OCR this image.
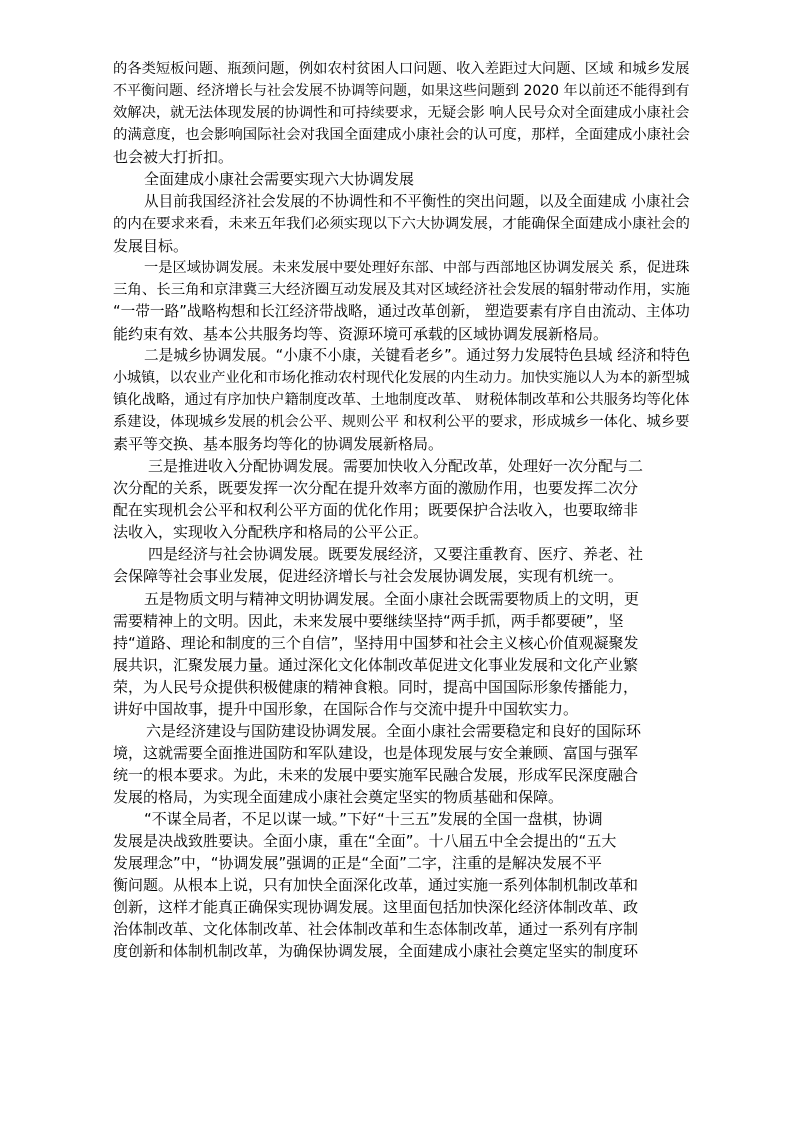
的各类短板问题、瓶颈问题，例如农村贫困人口问题、收入差距过大问题、区域 和城乡发展
不平衡问题、经济增长与社会发展不协调等问题，如果这些问题到 2020 年以前还不能得到有
效解决，就无法体现发展的协调性和可持续要求，无疑会影 响人民号众对全面建成小康社会
的满意度，也会影响国际社会对我国全面建成小康社会的认可度，那样，全面建成小康社会
也会被大打折扣。
全面建成小康社会需要实现六大协调发展
从目前我国经济社会发展的不协调性和不平衡性的突出问题，以及全面建成 小康社会
的内在要求来看，未来五年我们必须实现以下六大协调发展，才能确保全面建成小康社会的
发展目标。
一是区域协调发展。未来发展中要处理好东部、中部与西部地区协调发展关 系，促进珠
三角、长三角和京津冀三大经济圈互动发展及其对区域经济社会发展的辐射带动作用，实施
“一带一路”战略构想和长江经济带战略，通过改革创新， 塑造要素有序自由流动、主体功
能约束有效、基本公共服务均等、资源环境可承载的区域协调发展新格局。
二是城乡协调发展。“小康不小康，关键看老乡”。通过努力发展特色县域 经济和特色
小城镇，以农业产业化和市场化推动农村现代化发展的内生动力。加快实施以人为本的新型城
镇化战略，通过有序加快户籍制度改革、土地制度改革、 财税体制改革和公共服务均等化体
系建设，体现城乡发展的机会公平、规则公平 和权利公平的要求，形成城乡一体化、城乡要
素平等交换、基本服务均等化的协调发展新格局。
三是推进收入分配协调发展。需要加快收入分配改革，处理好一次分配与二
次分配的关系，既要发挥一次分配在提升效率方面的激励作用，也要发挥二次分
配在实现机会公平和权利公平方面的优化作用；既要保护合法收入，也要取缔非
法收入，实现收入分配秩序和格局的公平公正。
四是经济与社会协调发展。既要发展经济，又要注重教育、医疗、养老、社
会保障等社会事业发展，促进经济增长与社会发展协调发展，实现有机统一。
五是物质文明与精神文明协调发展。全面小康社会既需要物质上的文明，更
需要精神上的文明。因此，未来发展中要继续坚持“两手抓，两手都要硬”，坚
持“道路、理论和制度的三个自信”，坚持用中国梦和社会主义核心价值观凝聚发
展共识，汇聚发展力量。通过深化文化体制改革促进文化事业发展和文化产业繁
荣，为人民号众提供积极健康的精神食粮。同时，提高中国国际形象传播能力，
讲好中国故事，提升中国形象，在国际合作与交流中提升中国软实力。
六是经济建设与国防建设协调发展。全面小康社会需要稳定和良好的国际环
境，这就需要全面推进国防和军队建设，也是体现发展与安全兼顾、富国与强军
统一的根本要求。为此，未来的发展中要实施军民融合发展，形成军民深度融合
发展的格局，为实现全面建成小康社会奠定坚实的物质基础和保障。
“不谋全局者，不足以谋一域。”下好“十三五”发展的全国一盘棋，协调
发展是决战致胜要诀。全面小康，重在“全面”。十八届五中全会提出的“五大
发展理念”中，“协调发展”强调的正是“全面”二字，注重的是解决发展不平
衡问题。从根本上说，只有加快全面深化改革，通过实施一系列体制机制改革和
创新，这样才能真正确保实现协调发展。这里面包括加快深化经济体制改革、政
治体制改革、文化体制改革、社会体制改革和生态体制改革，通过一系列有序制
度创新和体制机制改革，为确保协调发展，全面建成小康社会奠定坚实的制度环
